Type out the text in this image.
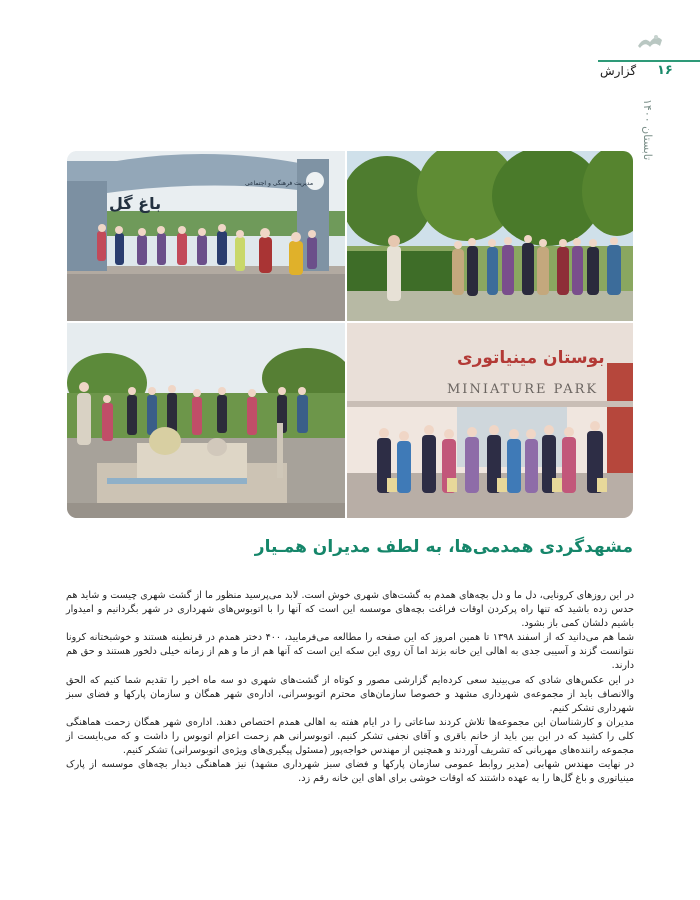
۱۶
گزارش
تابستان ۱۴۰۰
مدیریت فرهنگی و اجتماعی
باغ گل
بوستان مینیاتوری
MINIATURE PARK
مشهدگردی همدمی‌ها، به لطف مدیران همـیار

در این روزهای کرونایی، دل ما و دل بچه‌های همدم به گشت‌های شهری خوش است. لابد می‌پرسید منظور ما از گشت شهری چیست و شاید هم حدس زده باشید که تنها راه پرکردن اوقات فراغت بچه‌های موسسه این است که آنها را با اتوبوس‌های شهرداری در شهر بگردانیم و امیدوار باشیم دلشان کمی باز بشود.

شما هم می‌دانید که از اسفند ۱۳۹۸ تا همین امروز که این صفحه را مطالعه می‌فرمایید، ۴۰۰ دختر همدم در قرنطینه هستند و خوشبختانه کرونا نتوانست گزند و آسیبی جدی به اهالی این خانه بزند اما آن روی این سکه این است که آنها هم از ما و هم از زمانه خیلی دلخور هستند و حق هم دارند.

در این عکس‌های شادی که می‌بینید سعی کرده‌ایم گزارشی مصور و کوتاه از گشت‌های شهری دو سه ماه اخیر را تقدیم شما کنیم که الحق والانصاف باید از مجموعه‌ی شهرداری مشهد و خصوصا سازمان‌های محترم اتوبوسرانی، اداره‌ی شهر همگان و سازمان پارکها و فضای سبز شهرداری تشکر کنیم.

مدیران و کارشناسان این مجموعه‌ها تلاش کردند ساعاتی را در ایام هفته به اهالی همدم اختصاص دهند. اداره‌ی شهر همگان زحمت هماهنگی کلی را کشید که در این بین باید از خانم باقری و آقای نجفی تشکر کنیم. اتوبوسرانی هم زحمت اعزام اتوبوس را داشت و که می‌بایست از مجموعه راننده‌های مهربانی که تشریف آوردند و همچنین از مهندس خواجه‌پور (مسئول پیگیری‌های ویژه‌ی اتوبوسرانی) تشکر کنیم.

در نهایت مهندس شهابی (مدیر روابط عمومی سازمان پارکها و فضای سبز شهرداری مشهد) نیز هماهنگی دیدار بچه‌های موسسه از پارک مینیاتوری و باغ گل‌ها را به عهده داشتند که اوقات خوشی برای اهای این خانه رقم زد.
